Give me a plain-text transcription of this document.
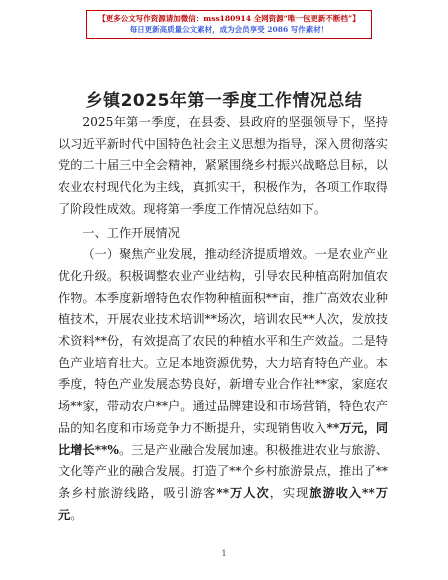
【更多公文写作资源请加微信：mss180914 全网资源“唯一包更新不断档”】
每日更新高质量公文素材，成为会员享受 2086 写作素材！
乡镇2025年第一季度工作情况总结

2025年第一季度，在县委、县政府的坚强领导下，坚持以习近平新时代中国特色社会主义思想为指导，深入贯彻落实党的二十届三中全会精神，紧紧围绕乡村振兴战略总目标，以农业农村现代化为主线，真抓实干，积极作为，各项工作取得了阶段性成效。现将第一季度工作情况总结如下。

一、工作开展情况

（一）聚焦产业发展，推动经济提质增效。一是农业产业优化升级。积极调整农业产业结构，引导农民种植高附加值农作物。本季度新增特色农作物种植面积**亩，推广高效农业种植技术，开展农业技术培训**场次，培训农民**人次，发放技术资料**份，有效提高了农民的种植水平和生产效益。二是特色产业培育壮大。立足本地资源优势，大力培育特色产业。本季度，特色产业发展态势良好，新增专业合作社**家，家庭农场**家，带动农户**户。通过品牌建设和市场营销，特色农产品的知名度和市场竞争力不断提升，实现销售收入**万元，同比增长**%。三是产业融合发展加速。积极推进农业与旅游、文化等产业的融合发展。打造了**个乡村旅游景点，推出了**条乡村旅游线路，吸引游客**万人次，实现旅游收入**万元。

1
